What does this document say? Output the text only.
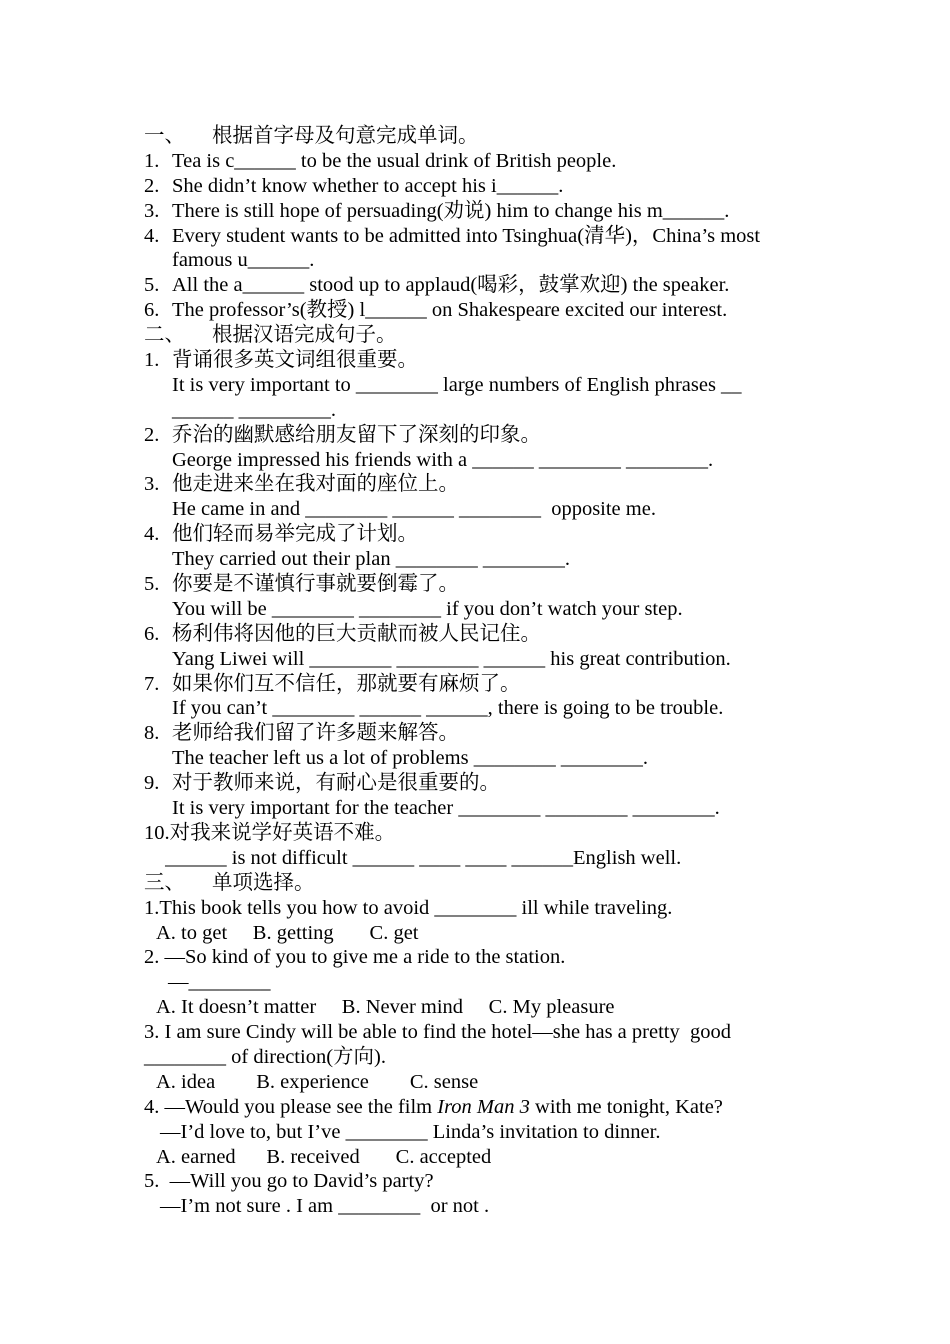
一、 根据首字母及句意完成单词。
1. Tea is c______ to be the usual drink of British people.
2. She didn’t know whether to accept his i______.
3. There is still hope of persuading(劝说) him to change his m______.
4. Every student wants to be admitted into Tsinghua(清华)，China’s most
famous u______.
5. All the a______ stood up to applaud(喝彩，鼓掌欢迎) the speaker.
6. The professor’s(教授) l______ on Shakespeare excited our interest.
二、 根据汉语完成句子。
1. 背诵很多英文词组很重要。
It is very important to ________ large numbers of English phrases __
______ _________.
2. 乔治的幽默感给朋友留下了深刻的印象。
George impressed his friends with a ______ ________ ________.
3. 他走进来坐在我对面的座位上。
He came in and ________ ______ ________  opposite me.
4. 他们轻而易举完成了计划。
They carried out their plan ________ ________.
5. 你要是不谨慎行事就要倒霉了。
You will be ________ ________ if you don’t watch your step.
6. 杨利伟将因他的巨大贡献而被人民记住。
Yang Liwei will ________ ________ ______ his great contribution.
7. 如果你们互不信任，那就要有麻烦了。
If you can’t ________ ______ ______, there is going to be trouble.
8. 老师给我们留了许多题来解答。
The teacher left us a lot of problems ________ ________.
9. 对于教师来说，有耐心是很重要的。
It is very important for the teacher ________ ________ ________.
10.对我来说学好英语不难。
______ is not difficult ______ ____ ____ ______English well.
三、 单项选择。
1.This book tells you how to avoid ________ ill while traveling.
A. to get     B. getting       C. get
2. —So kind of you to give me a ride to the station.
—________
A. It doesn’t matter     B. Never mind     C. My pleasure
3. I am sure Cindy will be able to find the hotel—she has a pretty  good
________ of direction(方向).
A. idea        B. experience        C. sense
4. —Would you please see the film Iron Man 3 with me tonight, Kate?
—I’d love to, but I’ve ________ Linda’s invitation to dinner.
A. earned      B. received       C. accepted
5.  —Will you go to David’s party?
—I’m not sure . I am ________  or not .
